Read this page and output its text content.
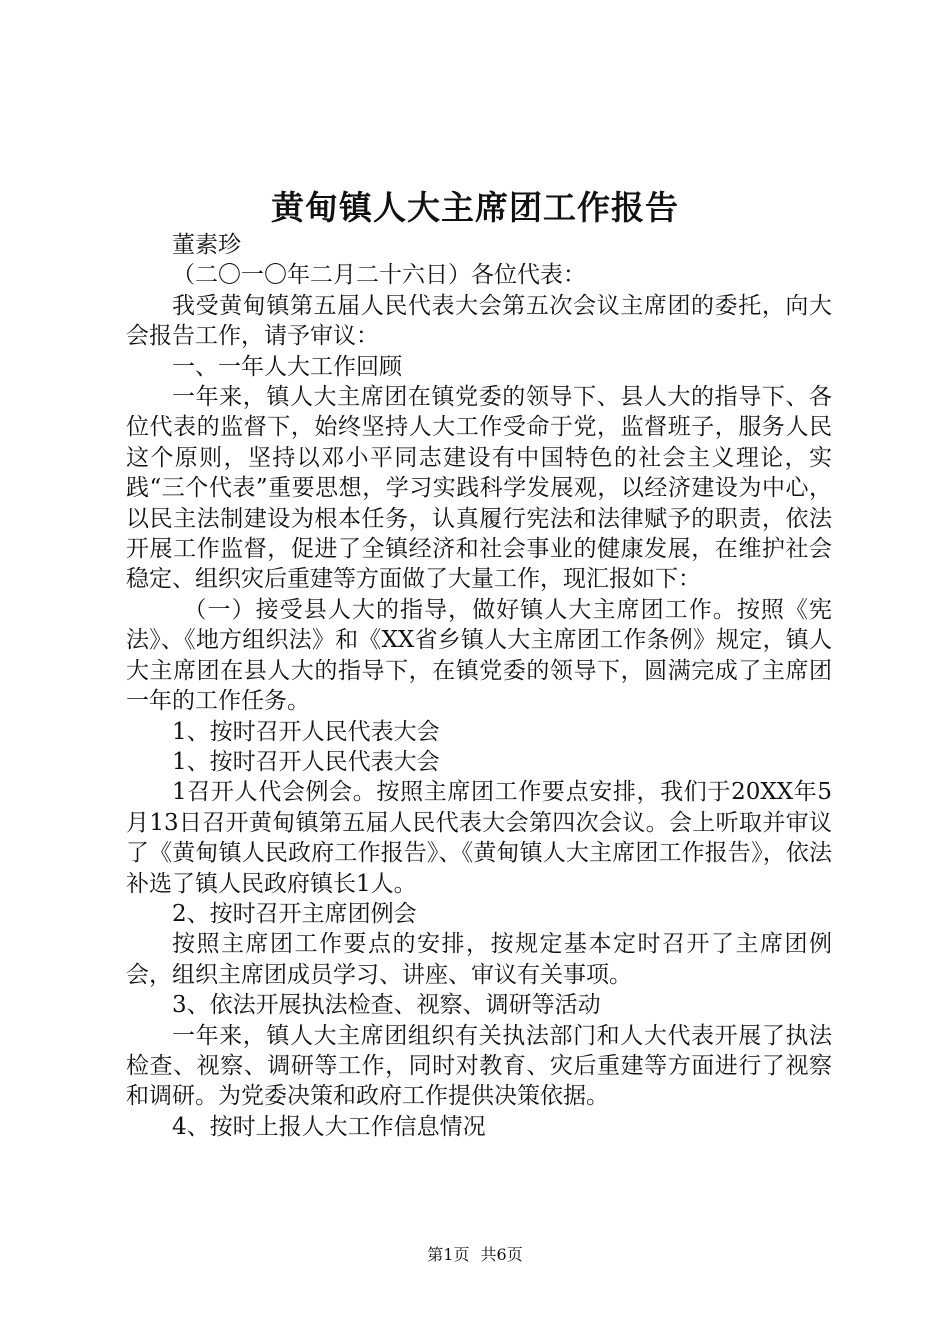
黄甸镇人大主席团工作报告

董素珍

（二〇一〇年二月二十六日）各位代表：

我受黄甸镇第五届人民代表大会第五次会议主席团的委托，向大会报告工作，请予审议：

一、一年人大工作回顾

一年来，镇人大主席团在镇党委的领导下、县人大的指导下、各位代表的监督下，始终坚持人大工作受命于党，监督班子，服务人民这个原则，坚持以邓小平同志建设有中国特色的社会主义理论，实践“三个代表”重要思想，学习实践科学发展观，以经济建设为中心，以民主法制建设为根本任务，认真履行宪法和法律赋予的职责，依法开展工作监督，促进了全镇经济和社会事业的健康发展，在维护社会稳定、组织灾后重建等方面做了大量工作，现汇报如下：

（一）接受县人大的指导，做好镇人大主席团工作。按照《宪法》、《地方组织法》和《XX省乡镇人大主席团工作条例》规定，镇人大主席团在县人大的指导下，在镇党委的领导下，圆满完成了主席团一年的工作任务。

1、按时召开人民代表大会

1、按时召开人民代表大会

1召开人代会例会。按照主席团工作要点安排，我们于20XX年5月13日召开黄甸镇第五届人民代表大会第四次会议。会上听取并审议了《黄甸镇人民政府工作报告》、《黄甸镇人大主席团工作报告》，依法补选了镇人民政府镇长1人。

2、按时召开主席团例会

按照主席团工作要点的安排，按规定基本定时召开了主席团例会，组织主席团成员学习、讲座、审议有关事项。

3、依法开展执法检查、视察、调研等活动

一年来，镇人大主席团组织有关执法部门和人大代表开展了执法检查、视察、调研等工作，同时对教育、灾后重建等方面进行了视察和调研。为党委决策和政府工作提供决策依据。

4、按时上报人大工作信息情况

第1页 共6页
